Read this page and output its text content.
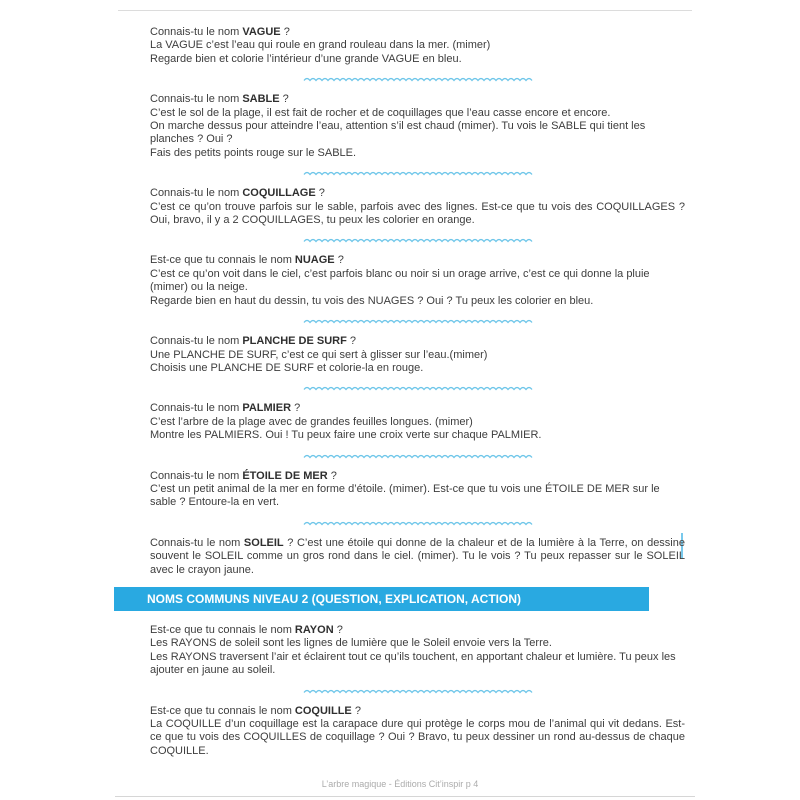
Connais-tu le nom VAGUE ?

La VAGUE c’est l’eau qui roule en grand rouleau dans la mer. (mimer)

Regarde bien et colorie l’intérieur d’une grande VAGUE en bleu.

Connais-tu le nom SABLE ?

C’est le sol de la plage, il est fait de rocher et de coquillages que l’eau casse encore et encore.

On marche dessus pour atteindre l’eau, attention s’il est chaud (mimer). Tu vois le SABLE qui tient les planches ? Oui ?

Fais des petits points rouge sur le SABLE.

Connais-tu le nom COQUILLAGE ?

C’est ce qu’on trouve parfois sur le sable, parfois avec des lignes. Est-ce que tu vois des COQUILLAGES ? Oui, bravo, il y a 2 COQUILLAGES, tu peux les colorier en orange.

Est-ce que tu connais le nom NUAGE ?

C’est ce qu’on voit dans le ciel, c’est parfois blanc ou noir si un orage arrive, c’est ce qui donne la pluie (mimer) ou la neige.

Regarde bien en haut du dessin, tu vois des NUAGES ? Oui ? Tu peux les colorier en bleu.

Connais-tu le nom PLANCHE DE SURF ?

Une PLANCHE DE SURF, c’est ce qui sert à glisser sur l’eau.(mimer)

Choisis une PLANCHE DE SURF et colorie-la en rouge.

Connais-tu le nom PALMIER ?

C’est l’arbre de la plage avec de grandes feuilles longues. (mimer)

Montre les PALMIERS. Oui ! Tu peux faire une croix verte sur chaque PALMIER.

Connais-tu le nom ÉTOILE DE MER ?

C’est un petit animal de la mer en forme d’étoile. (mimer). Est-ce que tu vois une ÉTOILE DE MER sur le sable ? Entoure-la en vert.

Connais-tu le nom SOLEIL ? C’est une étoile qui donne de la chaleur et de la lumière à la Terre, on dessine souvent le SOLEIL comme un gros rond dans le ciel. (mimer). Tu le vois ? Tu peux repasser sur le SOLEIL avec le crayon jaune.

NOMS COMMUNS NIVEAU 2 (QUESTION, EXPLICATION, ACTION)

Est-ce que tu connais le nom RAYON ?

Les RAYONS de soleil sont les lignes de lumière que le Soleil envoie vers la Terre.

Les RAYONS traversent l’air et éclairent tout ce qu’ils touchent, en apportant chaleur et lumière. Tu peux les ajouter en jaune au soleil.

Est-ce que tu connais le nom COQUILLE ?

La COQUILLE d’un coquillage est la carapace dure qui protège le corps mou de l’animal qui vit dedans. Est-ce que tu vois des COQUILLES de coquillage ? Oui ? Bravo, tu peux dessiner un rond au-dessus de chaque COQUILLE.

L’arbre magique - Éditions Cit’inspir p 4
